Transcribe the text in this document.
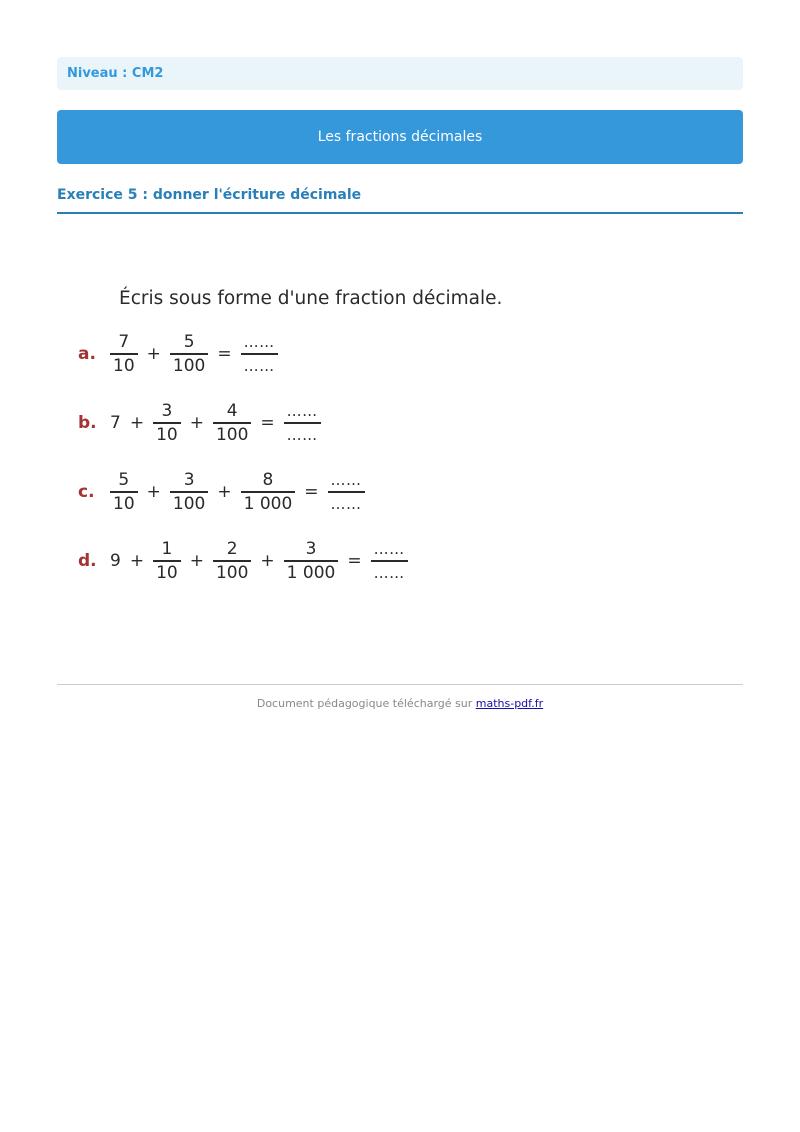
Niveau : CM2
Les fractions décimales
Exercice 5 : donner l'écriture décimale
Écris sous forme d'une fraction décimale.
a. $\frac{7}{10} + \frac{5}{100} = \frac{\dots\dots}{\dots\dots}$
b. $7 + \frac{3}{10} + \frac{4}{100} = \frac{\dots\dots}{\dots\dots}$
c. $\frac{5}{10} + \frac{3}{100} + \frac{8}{1 000} = \frac{\dots\dots}{\dots\dots}$
d. $9 + \frac{1}{10} + \frac{2}{100} + \frac{3}{1 000} = \frac{\dots\dots}{\dots\dots}$
Document pédagogique téléchargé sur maths-pdf.fr
